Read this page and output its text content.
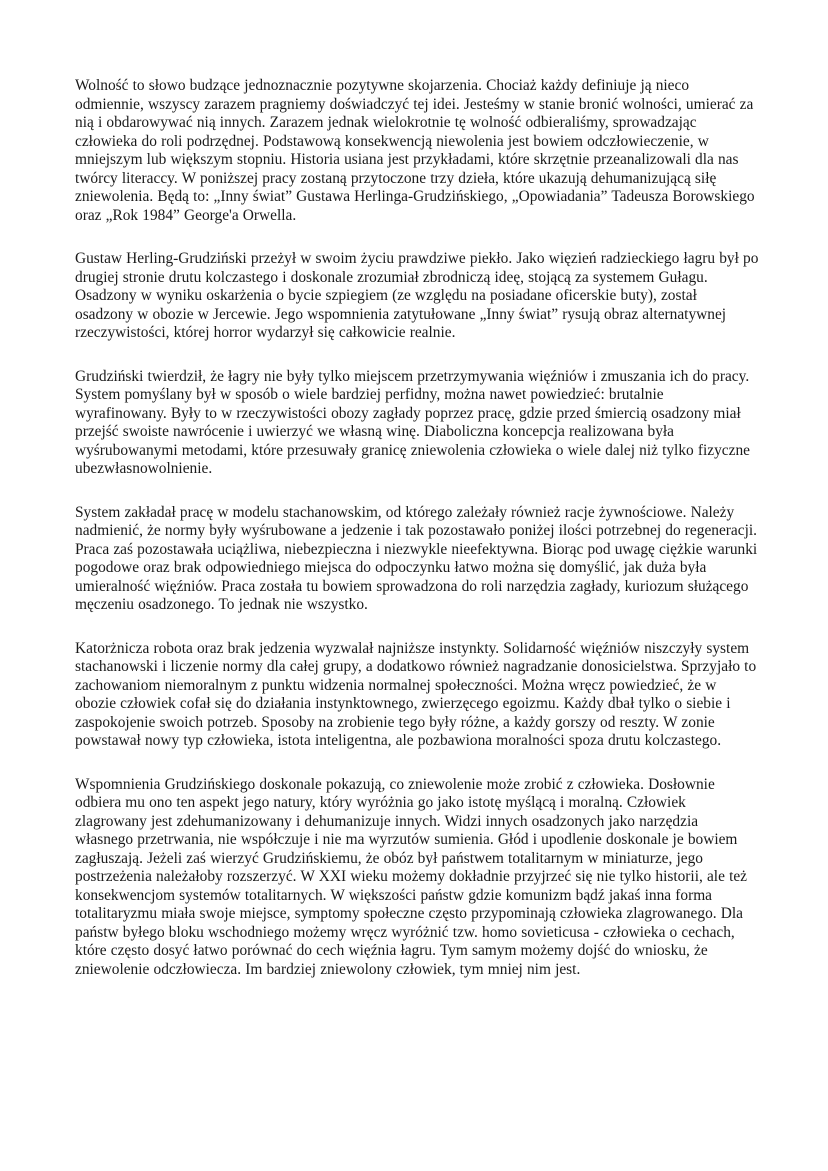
Wolność to słowo budzące jednoznacznie pozytywne skojarzenia. Chociaż każdy definiuje ją nieco odmiennie, wszyscy zarazem pragniemy doświadczyć tej idei. Jesteśmy w stanie bronić wolności, umierać za nią i obdarowywać nią innych. Zarazem jednak wielokrotnie tę wolność odbieraliśmy, sprowadzając człowieka do roli podrzędnej. Podstawową konsekwencją niewolenia jest bowiem odczłowieczenie, w mniejszym lub większym stopniu. Historia usiana jest przykładami, które skrzętnie przeanalizowali dla nas twórcy literaccy. W poniższej pracy zostaną przytoczone trzy dzieła, które ukazują dehumanizującą siłę zniewolenia. Będą to: „Inny świat” Gustawa Herlinga-Grudzińskiego, „Opowiadania” Tadeusza Borowskiego oraz „Rok 1984” George'a Orwella.

Gustaw Herling-Grudziński przeżył w swoim życiu prawdziwe piekło. Jako więzień radzieckiego łagru był po drugiej stronie drutu kolczastego i doskonale zrozumiał zbrodniczą ideę, stojącą za systemem Gułagu. Osadzony w wyniku oskarżenia o bycie szpiegiem (ze względu na posiadane oficerskie buty), został osadzony w obozie w Jercewie. Jego wspomnienia zatytułowane „Inny świat” rysują obraz alternatywnej rzeczywistości, której horror wydarzył się całkowicie realnie.

Grudziński twierdził, że łagry nie były tylko miejscem przetrzymywania więźniów i zmuszania ich do pracy. System pomyślany był w sposób o wiele bardziej perfidny, można nawet powiedzieć: brutalnie wyrafinowany. Były to w rzeczywistości obozy zagłady poprzez pracę, gdzie przed śmiercią osadzony miał przejść swoiste nawrócenie i uwierzyć we własną winę. Diaboliczna koncepcja realizowana była wyśrubowanymi metodami, które przesuwały granicę zniewolenia człowieka o wiele dalej niż tylko fizyczne ubezwłasnowolnienie.

System zakładał pracę w modelu stachanowskim, od którego zależały również racje żywnościowe. Należy nadmienić, że normy były wyśrubowane a jedzenie i tak pozostawało poniżej ilości potrzebnej do regeneracji. Praca zaś pozostawała uciążliwa, niebezpieczna i niezwykle nieefektywna. Biorąc pod uwagę ciężkie warunki pogodowe oraz brak odpowiedniego miejsca do odpoczynku łatwo można się domyślić, jak duża była umieralność więźniów. Praca została tu bowiem sprowadzona do roli narzędzia zagłady, kuriozum służącego męczeniu osadzonego. To jednak nie wszystko.

Katorżnicza robota oraz brak jedzenia wyzwalał najniższe instynkty. Solidarność więźniów niszczyły system stachanowski i liczenie normy dla całej grupy, a dodatkowo również nagradzanie donosicielstwa. Sprzyjało to zachowaniom niemoralnym z punktu widzenia normalnej społeczności. Można wręcz powiedzieć, że w obozie człowiek cofał się do działania instynktownego, zwierzęcego egoizmu. Każdy dbał tylko o siebie i zaspokojenie swoich potrzeb. Sposoby na zrobienie tego były różne, a każdy gorszy od reszty. W zonie powstawał nowy typ człowieka, istota inteligentna, ale pozbawiona moralności spoza drutu kolczastego.

Wspomnienia Grudzińskiego doskonale pokazują, co zniewolenie może zrobić z człowieka. Dosłownie odbiera mu ono ten aspekt jego natury, który wyróżnia go jako istotę myślącą i moralną. Człowiek zlagrowany jest zdehumanizowany i dehumanizuje innych. Widzi innych osadzonych jako narzędzia własnego przetrwania, nie współczuje i nie ma wyrzutów sumienia. Głód i upodlenie doskonale je bowiem zagłuszają. Jeżeli zaś wierzyć Grudzińskiemu, że obóz był państwem totalitarnym w miniaturze, jego postrzeżenia należałoby rozszerzyć. W XXI wieku możemy dokładnie przyjrzeć się nie tylko historii, ale też konsekwencjom systemów totalitarnych. W większości państw gdzie komunizm bądź jakaś inna forma totalitaryzmu miała swoje miejsce, symptomy społeczne często przypominają człowieka zlagrowanego. Dla państw byłego bloku wschodniego możemy wręcz wyróżnić tzw. homo sovieticusa - człowieka o cechach, które często dosyć łatwo porównać do cech więźnia łagru. Tym samym możemy dojść do wniosku, że zniewolenie odczłowiecza. Im bardziej zniewolony człowiek, tym mniej nim jest.
